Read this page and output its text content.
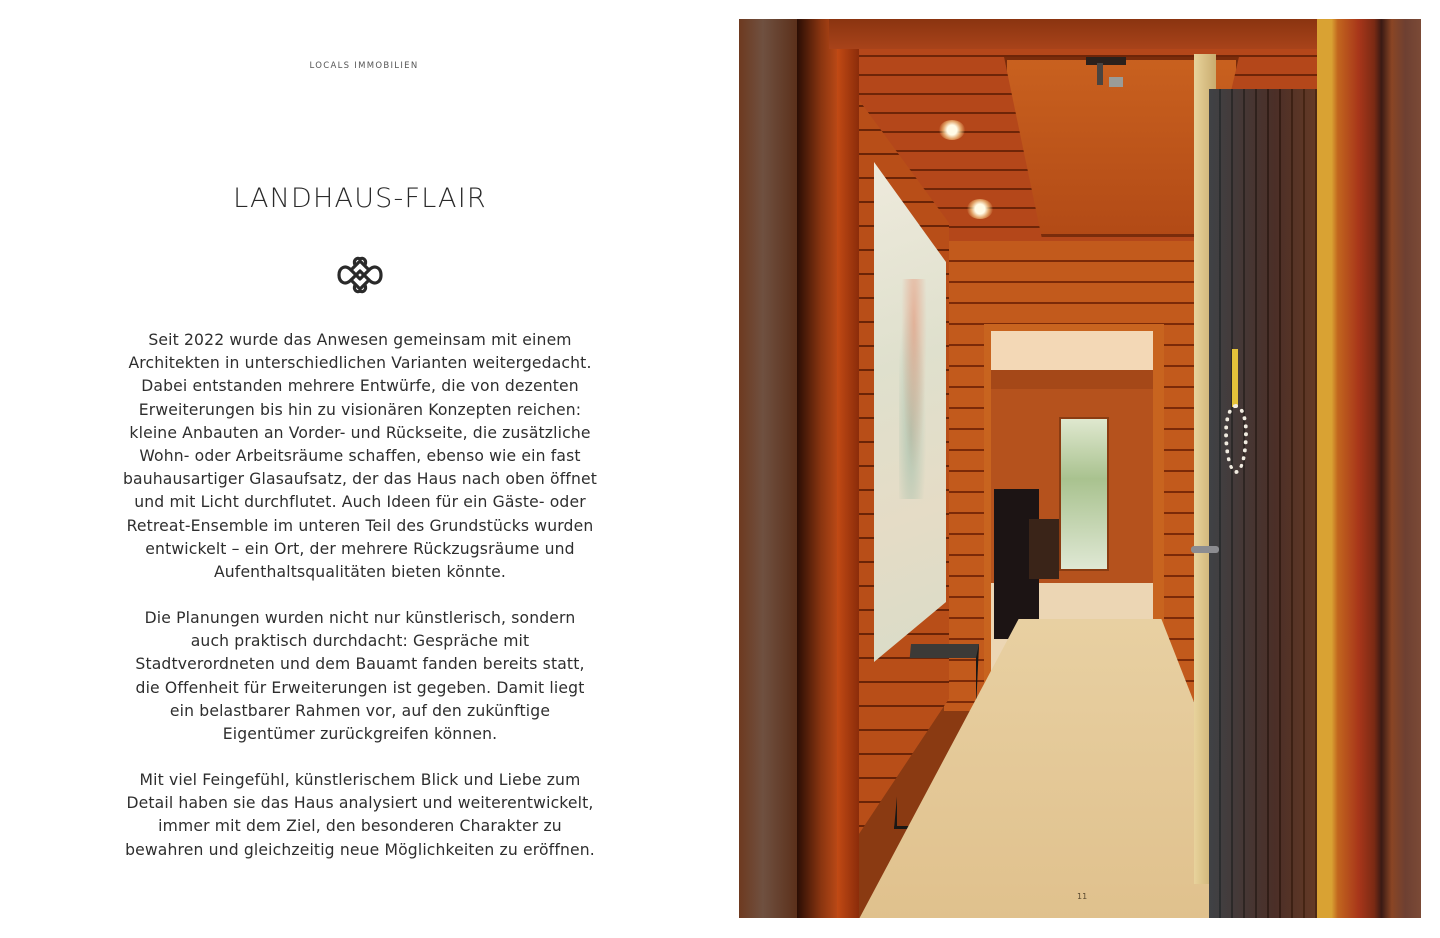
LOCALS IMMOBILIEN
LANDHAUS-FLAIR
Seit 2022 wurde das Anwesen gemeinsam mit einem
Architekten in unterschiedlichen Varianten weitergedacht.
Dabei entstanden mehrere Entwürfe, die von dezenten
Erweiterungen bis hin zu visionären Konzepten reichen:
kleine Anbauten an Vorder- und Rückseite, die zusätzliche
Wohn- oder Arbeitsräume schaffen, ebenso wie ein fast
bauhausartiger Glasaufsatz, der das Haus nach oben öffnet
und mit Licht durchflutet. Auch Ideen für ein Gäste- oder
Retreat-Ensemble im unteren Teil des Grundstücks wurden
entwickelt – ein Ort, der mehrere Rückzugsräume und
Aufenthaltsqualitäten bieten könnte.
Die Planungen wurden nicht nur künstlerisch, sondern
auch praktisch durchdacht: Gespräche mit
Stadtverordneten und dem Bauamt fanden bereits statt,
die Offenheit für Erweiterungen ist gegeben. Damit liegt
ein belastbarer Rahmen vor, auf den zukünftige
Eigentümer zurückgreifen können.
Mit viel Feingefühl, künstlerischem Blick und Liebe zum
Detail haben sie das Haus analysiert und weiterentwickelt,
immer mit dem Ziel, den besonderen Charakter zu
bewahren und gleichzeitig neue Möglichkeiten zu eröffnen.
11
